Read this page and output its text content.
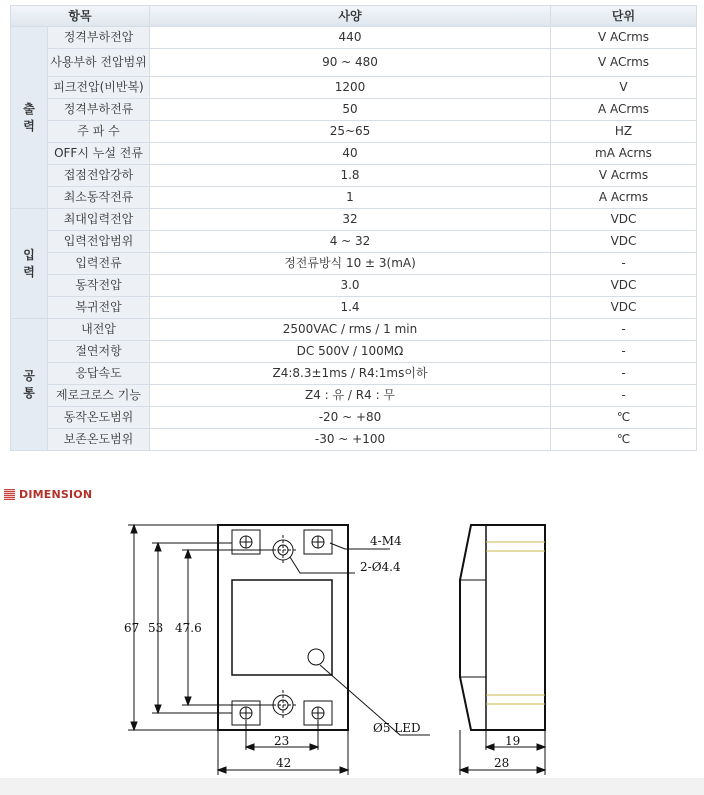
항목		사양	단위
출
력	정격부하전압	440	V ACrms
	사용부하 전압범위	90 ~ 480	V ACrms
	피크전압(비반복)	1200	V
	정격부하전류	50	A ACrms
	주 파 수	25~65	HZ
	OFF시 누설 전류	40	mA Acrns
	접점전압강하	1.8	V Acrms
	최소동작전류	1	A Acrms
입
력	최대입력전압	32	VDC
	입력전압범위	4 ~ 32	VDC
	입력전류	정전류방식 10 ± 3(mA)	-
	동작전압	3.0	VDC
	복귀전압	1.4	VDC
공
통	내전압	2500VAC / rms / 1 min	-
	절연저항	DC 500V / 100MΩ	-
	응답속도	Z4:8.3±1ms / R4:1ms이하	-
	제로크로스 기능	Z4 : 유 / R4 : 무	-
	동작온도범위	-20 ~ +80	℃
	보존온도범위	-30 ~ +100	℃
DIMENSION
4-M4
2-Ø4.4
Ø5 LED
67 53 47.6
23
42
19
28
